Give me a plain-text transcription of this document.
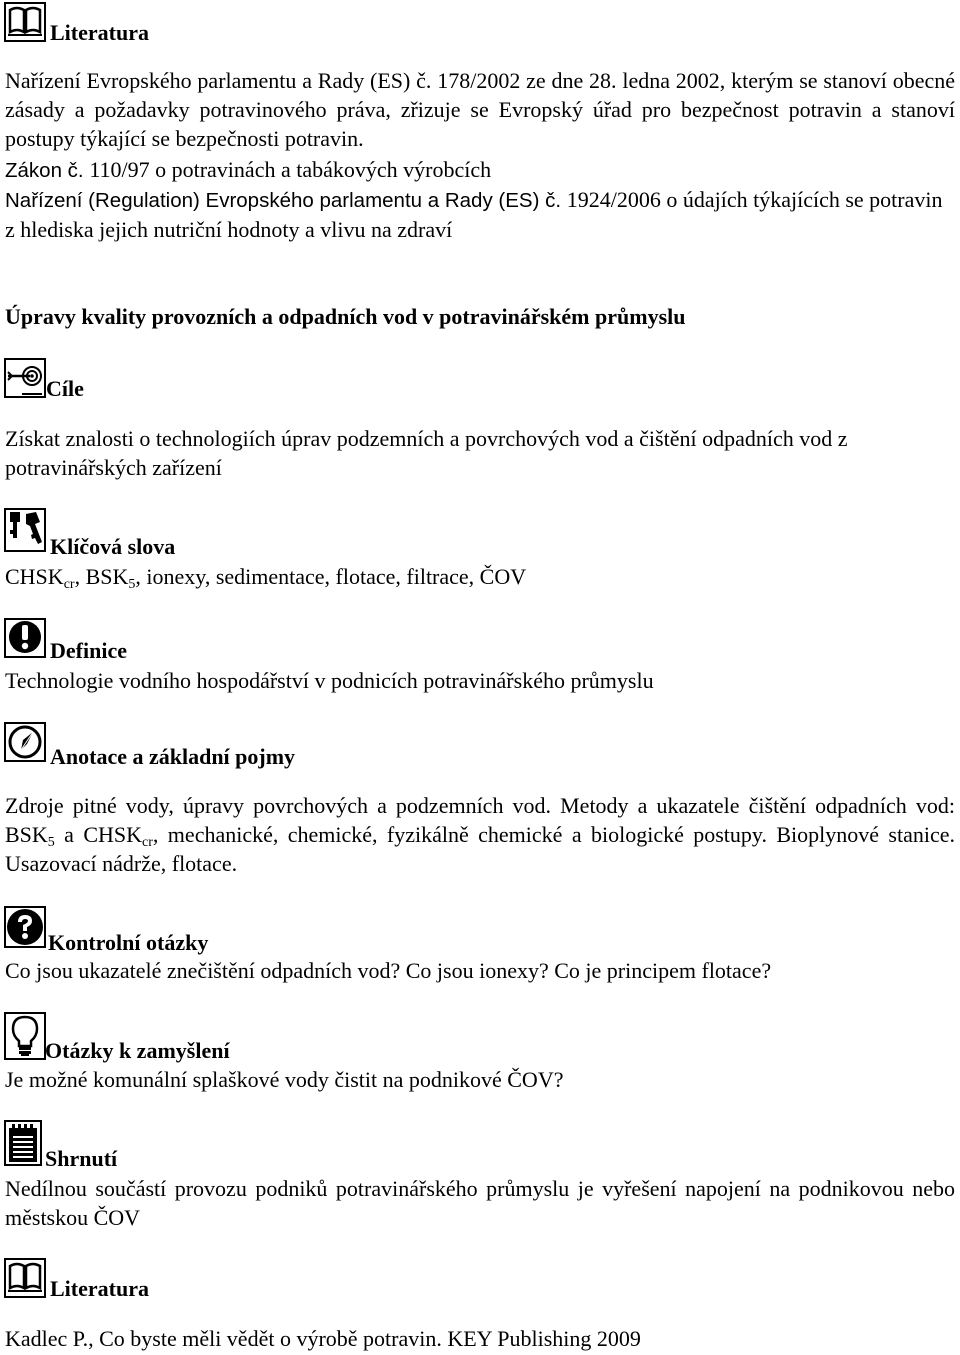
Literatura

Nařízení Evropského parlamentu a Rady (ES) č. 178/2002 ze dne 28. ledna 2002, kterým se stanoví obecné zásady a požadavky potravinového práva, zřizuje se Evropský úřad pro bezpečnost potravin a stanoví postupy týkající se bezpečnosti potravin.

Zákon č. 110/97 o potravinách a tabákových výrobcích

Nařízení (Regulation) Evropského parlamentu a Rady (ES) č. 1924/2006 o údajích týkajících se potravin z hlediska jejich nutriční hodnoty a vlivu na zdraví

Úpravy kvality provozních a odpadních vod v potravinářském průmyslu

Cíle

Získat znalosti o technologiích úprav podzemních a povrchových vod a čištění odpadních vod z potravinářských zařízení

Klíčová slova

$CHSK_{cr}$, $BSK_5$, ionexy, sedimentace, flotace, filtrace, ČOV

Definice

Technologie vodního hospodářství v podnicích potravinářského průmyslu

Anotace a základní pojmy

Zdroje pitné vody, úpravy povrchových a podzemních vod. Metody a ukazatele čištění odpadních vod: $BSK_5$ a $CHSK_{cr}$, mechanické, chemické, fyzikálně chemické a biologické postupy. Bioplynové stanice. Usazovací nádrže, flotace.

Kontrolní otázky

Co jsou ukazatelé znečištění odpadních vod? Co jsou ionexy? Co je principem flotace?

Otázky k zamyšlení

Je možné komunální splaškové vody čistit na podnikové ČOV?

Shrnutí

Nedílnou součástí provozu podniků potravinářského průmyslu je vyřešení napojení na podnikovou nebo městskou ČOV

Literatura

Kadlec P., Co byste měli vědět o výrobě potravin. KEY Publishing 2009
